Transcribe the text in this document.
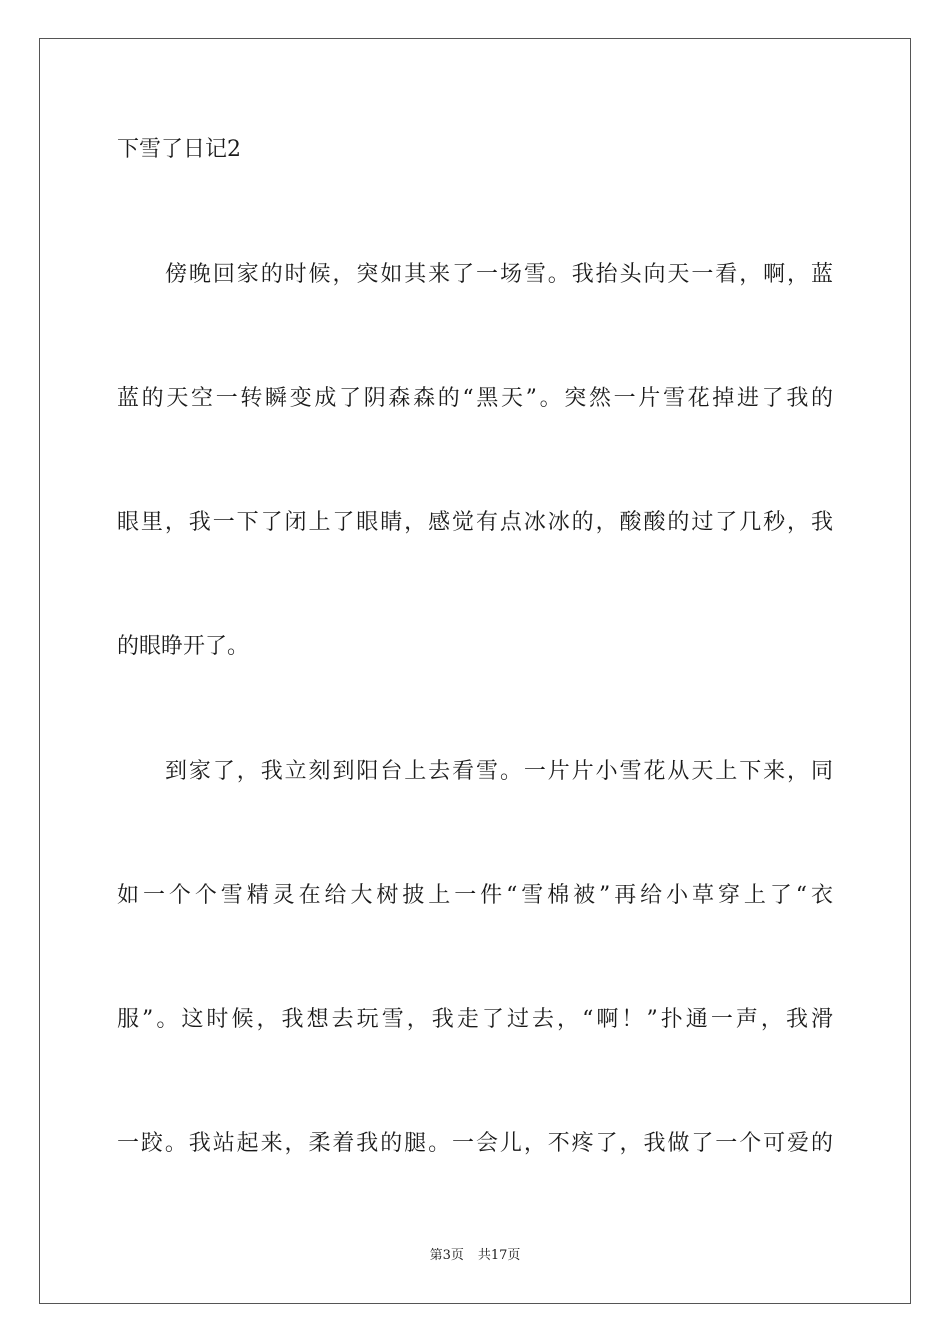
下雪了日记2

傍晚回家的时候，突如其来了一场雪。我抬头向天一看，啊，蓝

蓝的天空一转瞬变成了阴森森的“黑天”。突然一片雪花掉进了我的

眼里，我一下了闭上了眼睛，感觉有点冰冰的，酸酸的过了几秒，我

的眼睁开了。

到家了，我立刻到阳台上去看雪。一片片小雪花从天上下来，同

如一个个雪精灵在给大树披上一件“雪棉被”再给小草穿上了“衣

服”。这时候，我想去玩雪，我走了过去，“啊！”扑通一声，我滑

一跤。我站起来，柔着我的腿。一会儿，不疼了，我做了一个可爱的

第3页 共17页
